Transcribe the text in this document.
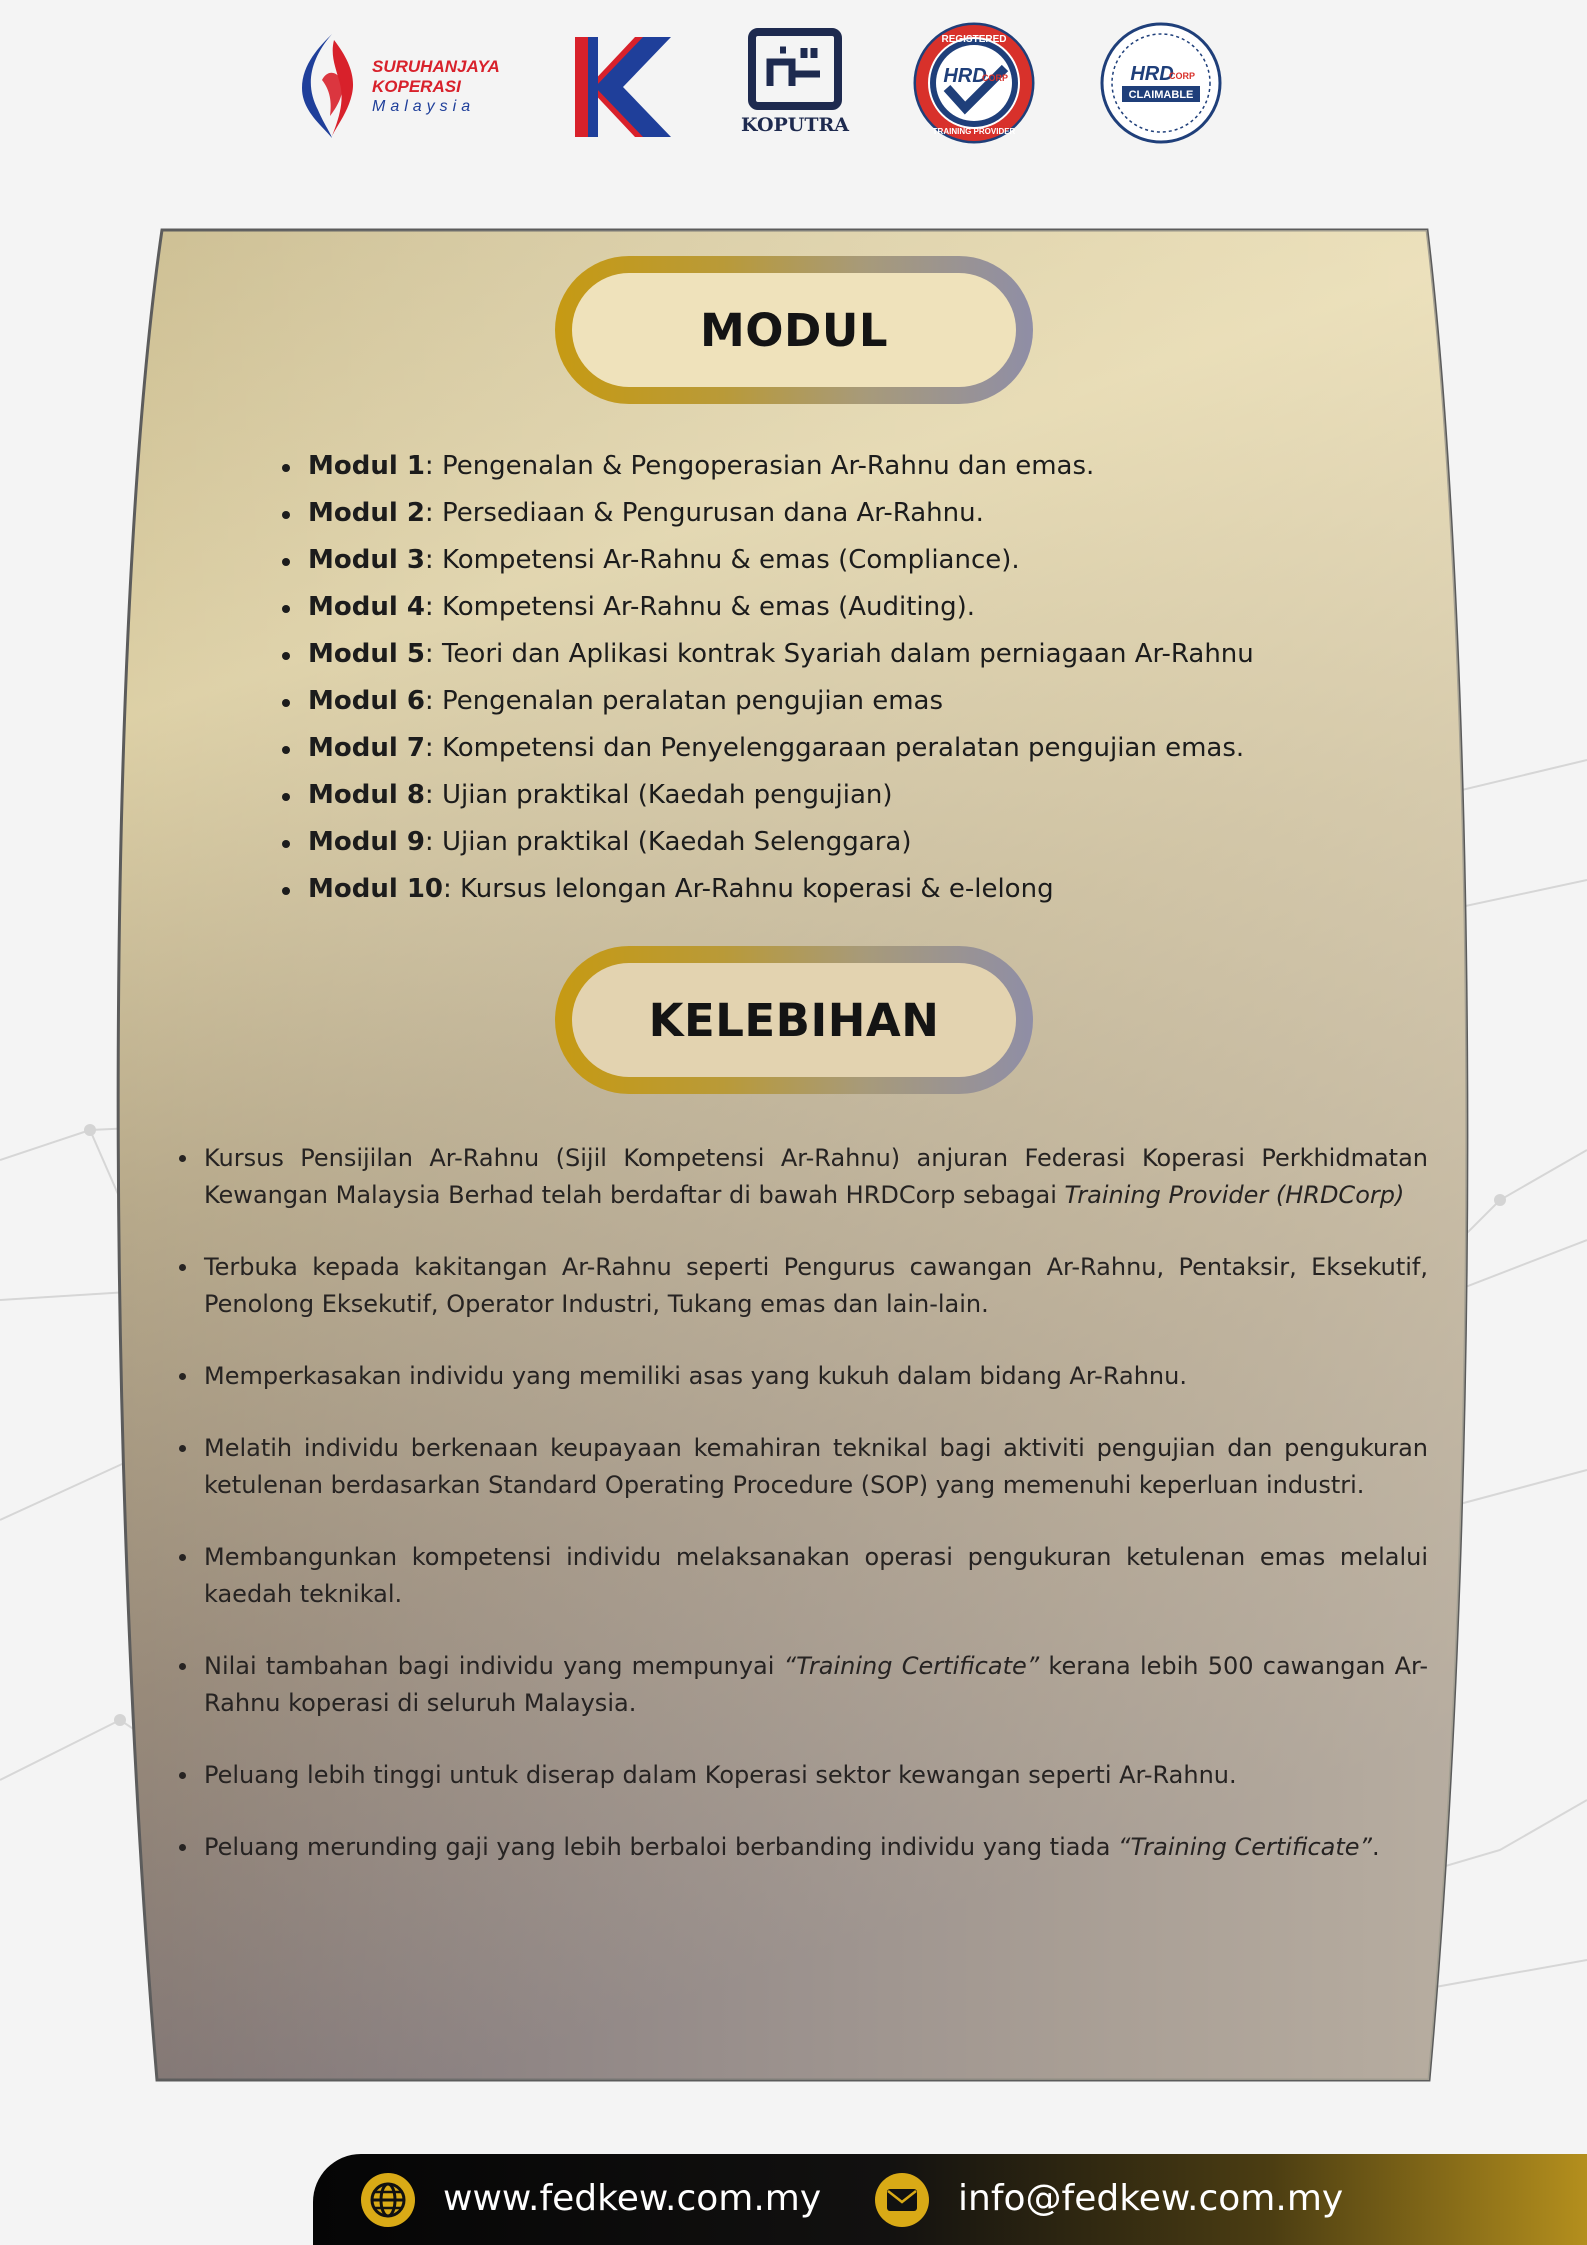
SURUHANJAYA
KOPERASI
Malaysia
KOPUTRA
REGISTERED
HRD
CORP
TRAINING PROVIDER
HRD
CORP
CLAIMABLE
MODUL
Modul 1: Pengenalan & Pengoperasian Ar-Rahnu dan emas.
Modul 2: Persediaan & Pengurusan dana Ar-Rahnu.
Modul 3: Kompetensi Ar-Rahnu & emas (Compliance).
Modul 4: Kompetensi Ar-Rahnu & emas (Auditing).
Modul 5: Teori dan Aplikasi kontrak Syariah dalam perniagaan Ar-Rahnu
Modul 6: Pengenalan peralatan pengujian emas
Modul 7: Kompetensi dan Penyelenggaraan peralatan pengujian emas.
Modul 8: Ujian praktikal (Kaedah pengujian)
Modul 9: Ujian praktikal (Kaedah Selenggara)
Modul 10: Kursus lelongan Ar-Rahnu koperasi & e-lelong
KELEBIHAN
Kursus Pensijilan Ar-Rahnu (Sijil Kompetensi Ar-Rahnu) anjuran Federasi Koperasi Perkhidmatan Kewangan Malaysia Berhad telah berdaftar di bawah HRDCorp sebagai Training Provider (HRDCorp)
Terbuka kepada kakitangan Ar-Rahnu seperti Pengurus cawangan Ar-Rahnu, Pentaksir, Eksekutif, Penolong Eksekutif, Operator Industri, Tukang emas dan lain-lain.
Memperkasakan individu yang memiliki asas yang kukuh dalam bidang Ar-Rahnu.
Melatih individu berkenaan keupayaan kemahiran teknikal bagi aktiviti pengujian dan pengukuran ketulenan berdasarkan Standard Operating Procedure (SOP) yang memenuhi keperluan industri.
Membangunkan kompetensi individu melaksanakan operasi pengukuran ketulenan emas melalui kaedah teknikal.
Nilai tambahan bagi individu yang mempunyai “Training Certificate” kerana lebih 500 cawangan Ar-Rahnu koperasi di seluruh Malaysia.
Peluang lebih tinggi untuk diserap dalam Koperasi sektor kewangan seperti Ar-Rahnu.
Peluang merunding gaji yang lebih berbaloi berbanding individu yang tiada “Training Certificate”.
www.fedkew.com.my	info@fedkew.com.my
